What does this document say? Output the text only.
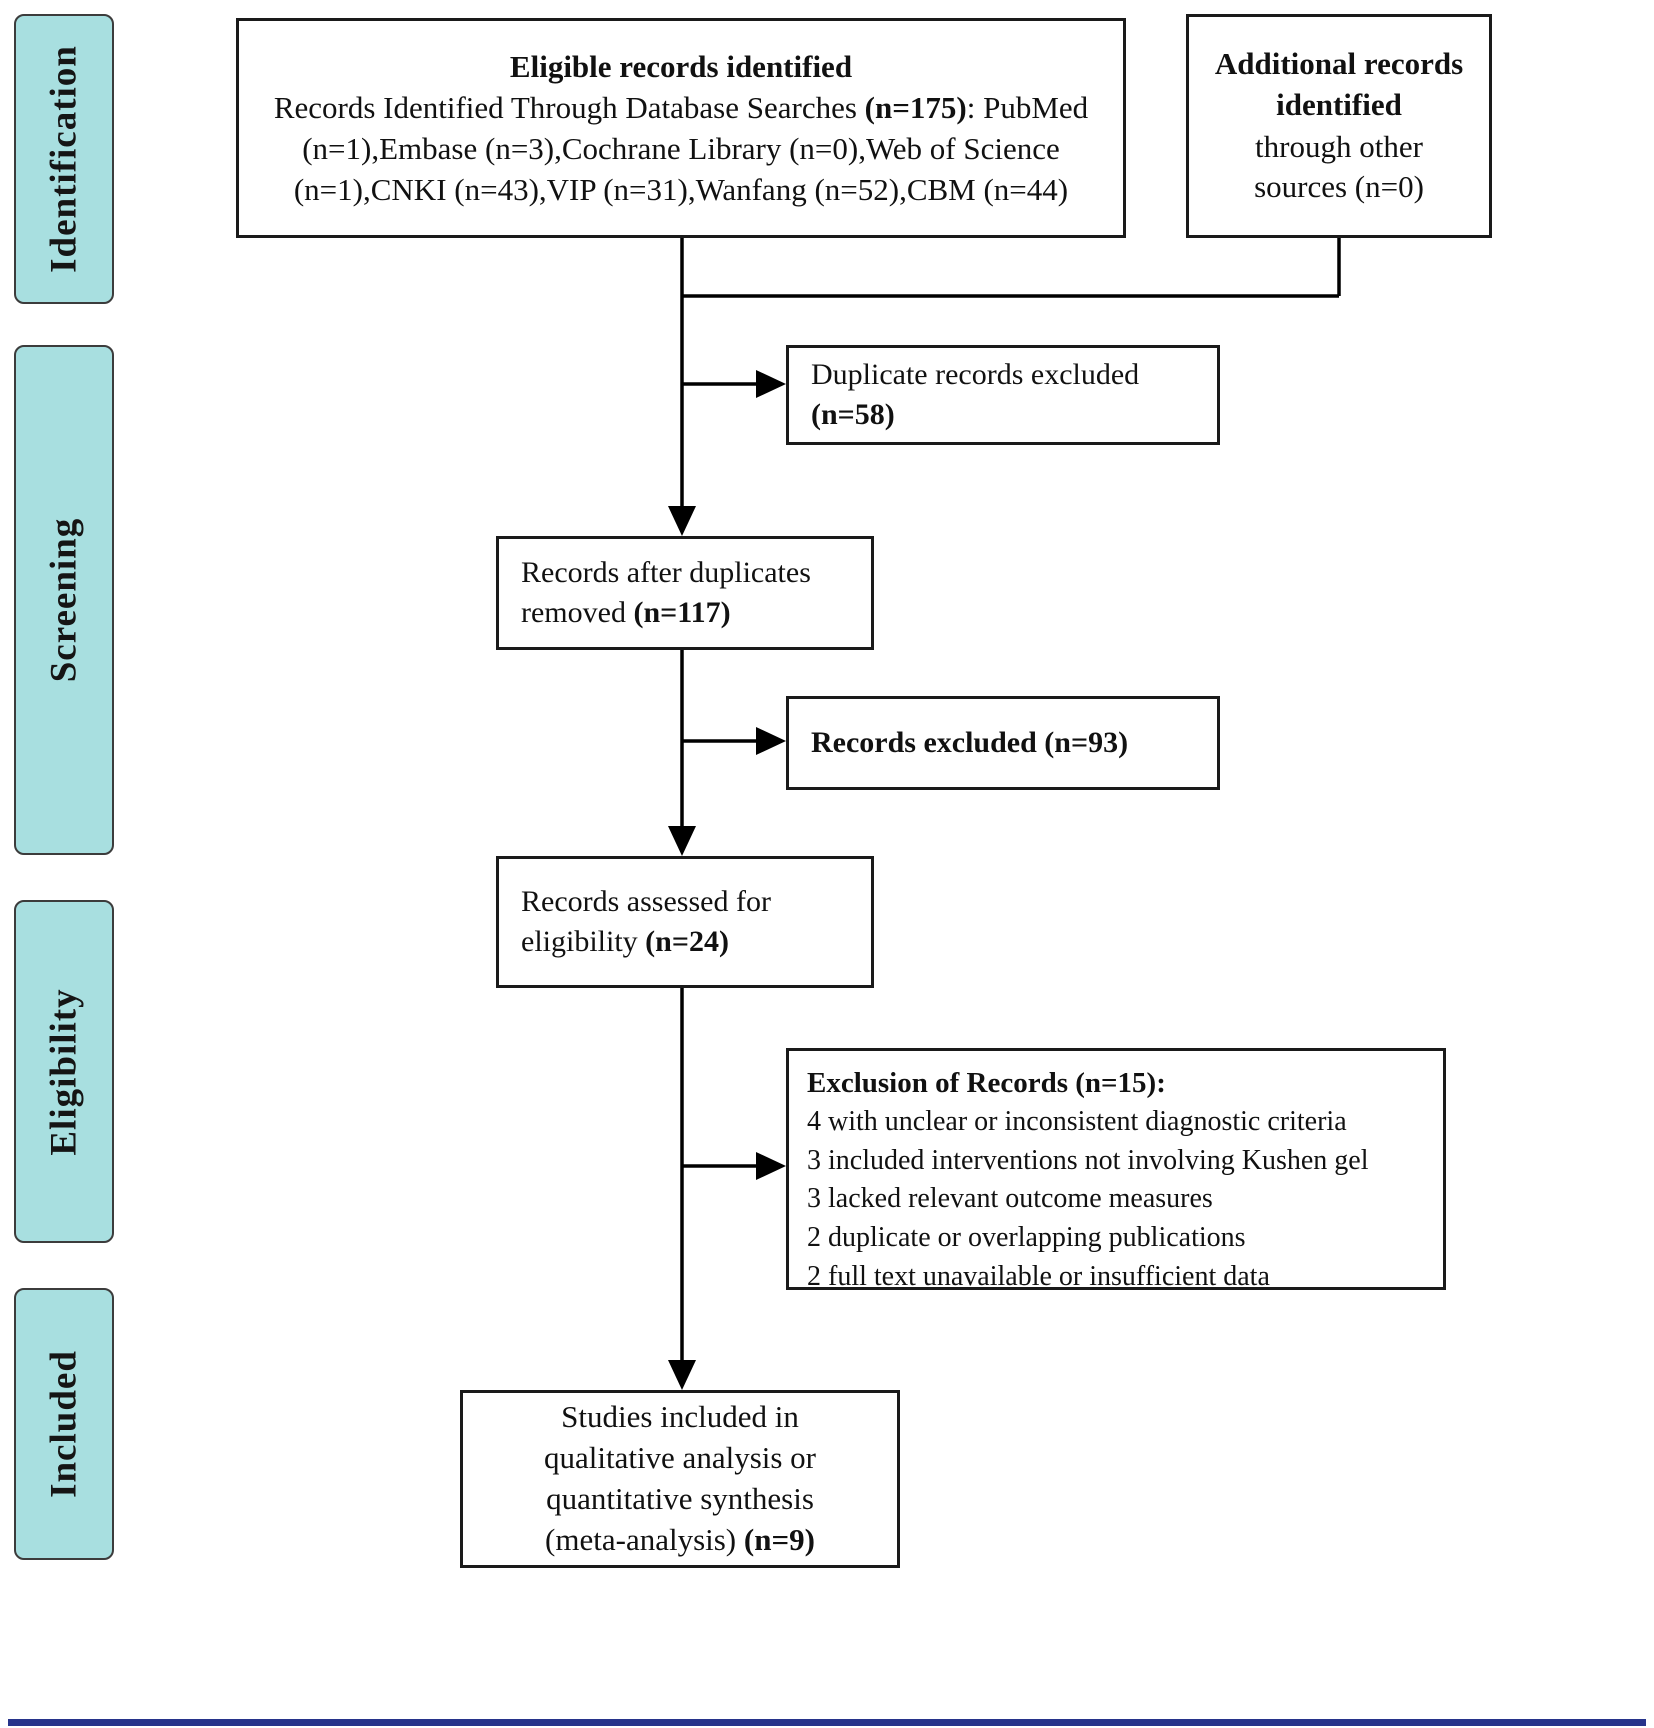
Identification
Screening
Eligibility
Included
Eligible records identified
Records Identified Through Database Searches (n=175): PubMed (n=1),Embase (n=3),Cochrane Library (n=0),Web of Science (n=1),CNKI (n=43),VIP (n=31),Wanfang (n=52),CBM (n=44)
Additional records identified
through other sources (n=0)
Duplicate records excluded (n=58)
Records after duplicates removed (n=117)
Records excluded (n=93)
Records assessed for eligibility (n=24)
Exclusion of Records (n=15):
4 with unclear or inconsistent diagnostic criteria
3 included interventions not involving Kushen gel
3 lacked relevant outcome measures
2 duplicate or overlapping publications
2 full text unavailable or insufficient data
Studies included in
qualitative analysis or
quantitative synthesis
(meta-analysis) (n=9)
